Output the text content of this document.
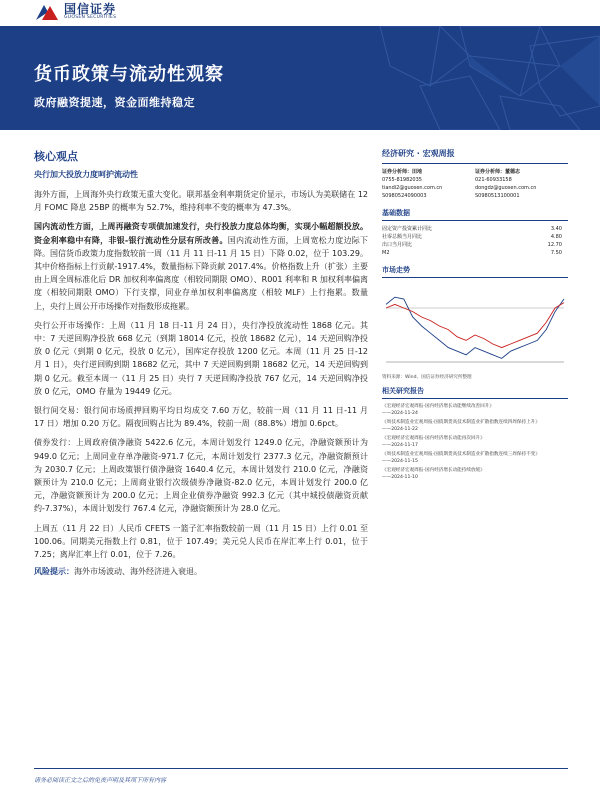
国信证券
GUOSEN SECURITIES
货币政策与流动性观察
政府融资提速，资金面维持稳定
核心观点
央行加大投放力度呵护流动性

海外方面，上周海外央行政策无重大变化。联邦基金利率期货定价显示，市场认为美联储在 12 月 FOMC 降息 25BP 的概率为 52.7%，维持利率不变的概率为 47.3%。

国内流动性方面，上周再融资专项债加速发行，央行投放力度总体均衡，实现小幅超额投放。资金利率稳中有降，非银-银行流动性分层有所改善。国内流动性方面，上周宽松力度边际下降。国信货币政策力度指数较前一周（11 月 11 日-11 月 15 日）下降 0.02，位于 103.29。其中价格指标上行贡献-1917.4%，数量指标下降贡献 2017.4%。价格指数上升（扩张）主要由上周全周标准化后 DR 加权利率偏离度（相较同期限 OMO）、R001 利率和 R 加权利率偏离度（相较同期限 OMO）下行支撑，同业存单加权利率偏离度（相较 MLF）上行拖累。数量上，央行上周公开市场操作对指数形成拖累。

央行公开市场操作：上周（11 月 18 日-11 月 24 日），央行净投放流动性 1868 亿元。其中：7 天逆回购净投放 668 亿元（到期 18014 亿元，投放 18682 亿元），14 天逆回购净投放 0 亿元（到期 0 亿元，投放 0 亿元），国库定存投放 1200 亿元。本周（11 月 25 日-12 月 1 日），央行逆回购到期 18682 亿元，其中 7 天逆回购到期 18682 亿元，14 天逆回购到期 0 亿元。截至本周一（11 月 25 日）央行 7 天逆回购净投放 767 亿元，14 天逆回购净投放 0 亿元，OMO 存量为 19449 亿元。

银行间交易：银行间市场质押回购平均日均成交 7.60 万亿，较前一周（11 月 11 日-11 月 17 日）增加 0.20 万亿。隔夜回购占比为 89.4%，较前一周（88.8%）增加 0.6pct。

债券发行：上周政府债净融资 5422.6 亿元，本周计划发行 1249.0 亿元，净融资额预计为 949.0 亿元；上周同业存单净融资-971.7 亿元，本周计划发行 2377.3 亿元，净融资额预计为 2030.7 亿元；上周政策银行债净融资 1640.4 亿元，本周计划发行 210.0 亿元，净融资额预计为 210.0 亿元；上周商业银行次级债券净融资-82.0 亿元，本周计划发行 200.0 亿元，净融资额预计为 200.0 亿元；上周企业债券净融资 992.3 亿元（其中城投债融资贡献约-7.37%），本周计划发行 767.4 亿元，净融资额预计为 28.0 亿元。

上周五（11 月 22 日）人民币 CFETS 一篮子汇率指数较前一周（11 月 15 日）上行 0.01 至 100.06。同期美元指数上行 0.81，位于 107.49；美元兑人民币在岸汇率上行 0.01，位于 7.25；离岸汇率上行 0.01，位于 7.26。

风险提示：海外市场波动、海外经济进入衰退。

经济研究 · 宏观周报
证券分析师：田地
0755-81982035
tiandi2@guosen.com.cn
S0980524090003
证券分析师：董德志
021-60933158
dongdz@guosen.com.cn
S0980513100001
基础数据
固定资产投资累计同比	3.40
社零总额当月同比	4.80
出口当月同比	12.70
M2	7.50
市场走势
资料来源：Wind、国信证券经济研究所整理
相关研究报告
《宏观经济宏观周报-国内经济增长动能继续改善回升》
——2024-11-24
《周技术制造业宏观周报-国债期货高技术制造业扩散指数连续四周保持上升》
——2024-11-22
《宏观经济宏观周报-国内经济增长动能再次回升》
——2024-11-17
《周技术制造业宏观周报-国债期货高技术制造业扩散指数连续三周保持不变》
——2024-11-15
《宏观经济宏观周报-国内经济增长动能持续放缓》
——2024-11-10
请务必阅读正文之后的免责声明及其项下所有内容
